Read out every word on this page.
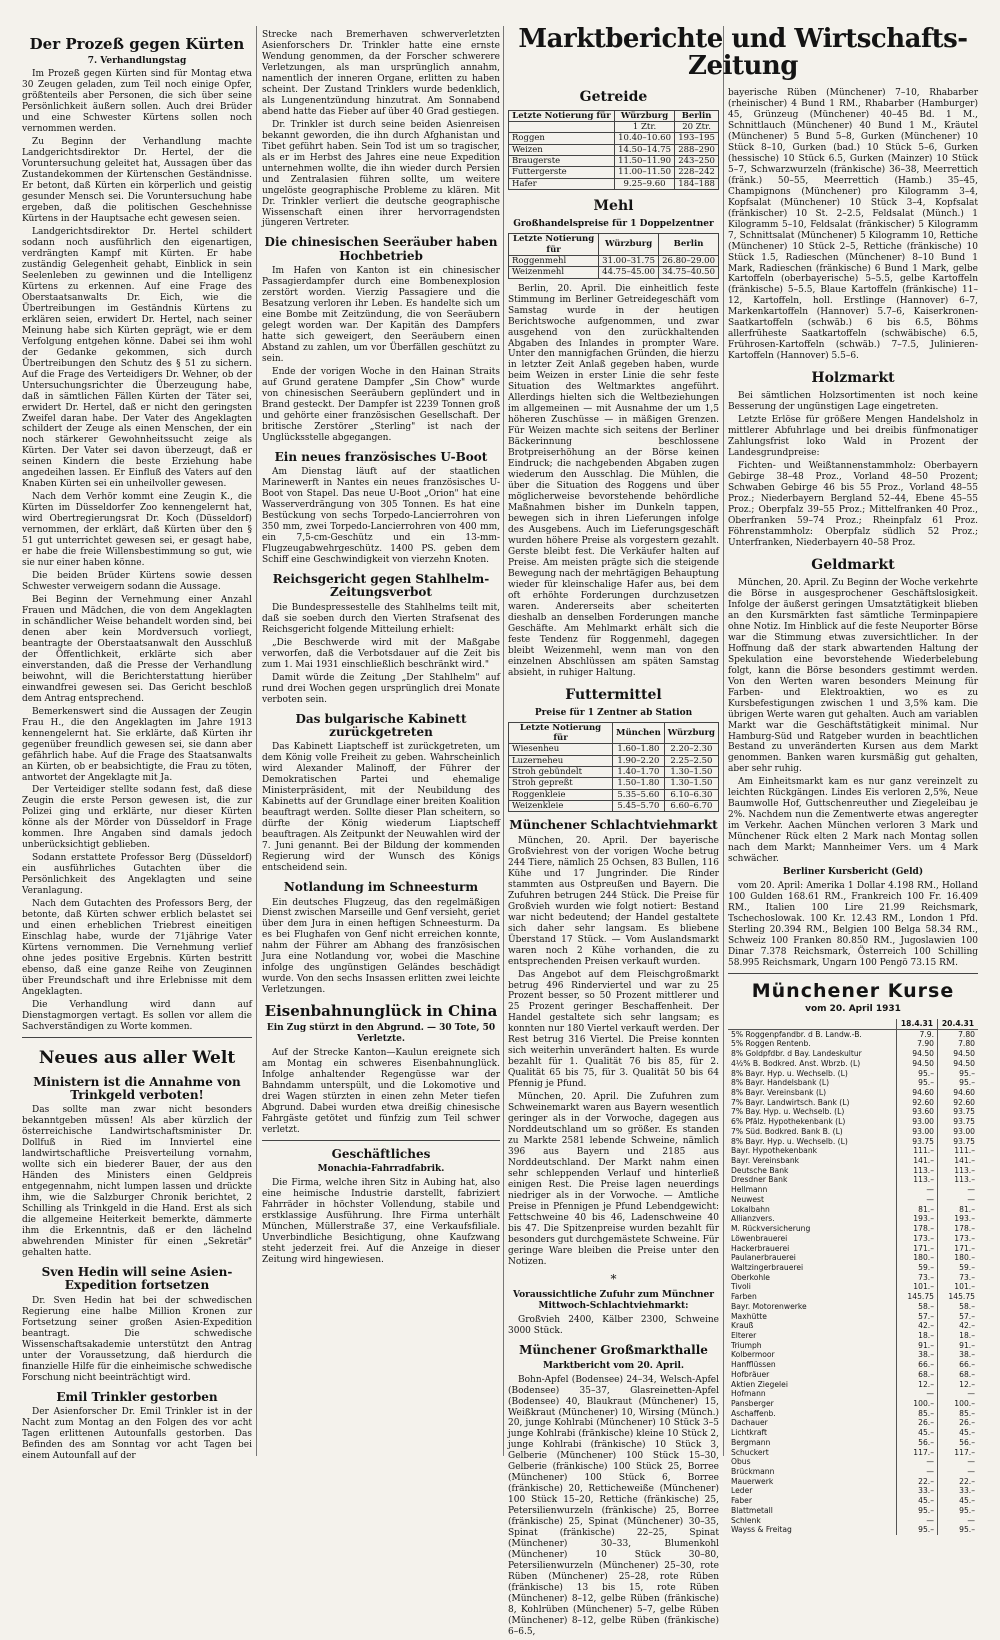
Der Prozeß gegen Kürten
7. Verhandlungstag

Im Prozeß gegen Kürten sind für Montag etwa 30 Zeugen geladen, zum Teil noch einige Opfer, größtenteils aber Personen, die sich über seine Persönlichkeit äußern sollen. Auch drei Brüder und eine Schwester Kürtens sollen noch vernommen werden.

Zu Beginn der Verhandlung machte Landgerichtsdirektor Dr. Hertel, der die Voruntersuchung geleitet hat, Aussagen über das Zustandekommen der Kürtenschen Geständnisse. Er betont, daß Kürten ein körperlich und geistig gesunder Mensch sei. Die Voruntersuchung habe ergeben, daß die politischen Geschehnisse Kürtens in der Hauptsache echt gewesen seien.

Landgerichtsdirektor Dr. Hertel schildert sodann noch ausführlich den eigenartigen, verdrängten Kampf mit Kürten. Er habe zuständig Gelegenheit gehabt, Einblick in sein Seelenleben zu gewinnen und die Intelligenz Kürtens zu erkennen. Auf eine Frage des Oberstaatsanwalts Dr. Eich, wie die Übertreibungen im Geständnis Kürtens zu erklären seien, erwidert Dr. Hertel, nach seiner Meinung habe sich Kürten geprägt, wie er dem Verfolgung entgehen könne. Dabei sei ihm wohl der Gedanke gekommen, sich durch Übertreibungen den Schutz des § 51 zu sichern. Auf die Frage des Verteidigers Dr. Wehner, ob der Untersuchungsrichter die Überzeugung habe, daß in sämtlichen Fällen Kürten der Täter sei, erwidert Dr. Hertel, daß er nicht den geringsten Zweifel daran habe. Der Vater des Angeklagten schildert der Zeuge als einen Menschen, der ein noch stärkerer Gewohnheitssucht zeige als Kürten. Der Vater sei davon überzeugt, daß er seinen Kindern die beste Erziehung habe angedeihen lassen. Er Einfluß des Vaters auf den Knaben Kürten sei ein unheilvoller gewesen.

Nach dem Verhör kommt eine Zeugin K., die Kürten im Düsseldorfer Zoo kennengelernt hat, wird Obertregierungsrat Dr. Koch (Düsseldorf) vernommen, der erklärt, daß Kürten über den § 51 gut unterrichtet gewesen sei, er gesagt habe, er habe die freie Willensbestimmung so gut, wie sie nur einer haben könne.

Die beiden Brüder Kürtens sowie dessen Schwester verweigern sodann die Aussage.

Bei Beginn der Vernehmung einer Anzahl Frauen und Mädchen, die von dem Angeklagten in schändlicher Weise behandelt worden sind, bei denen aber kein Mordversuch vorliegt, beantragte der Oberstaatsanwalt den Ausschluß der Öffentlichkeit, erklärte sich aber einverstanden, daß die Presse der Verhandlung beiwohnt, will die Berichterstattung hierüber einwandfrei gewesen sei. Das Gericht beschloß dem Antrag entsprechend.

Bemerkenswert sind die Aussagen der Zeugin Frau H., die den Angeklagten im Jahre 1913 kennengelernt hat. Sie erklärte, daß Kürten ihr gegenüber freundlich gewesen sei, sie dann aber gefährlich habe. Auf die Frage des Staatsanwalts an Kürten, ob er beabsichtigte, die Frau zu töten, antwortet der Angeklagte mit Ja.

Der Verteidiger stellte sodann fest, daß diese Zeugin die erste Person gewesen ist, die zur Polizei ging und erklärte, nur dieser Kürten könne als der Mörder von Düsseldorf in Frage kommen. Ihre Angaben sind damals jedoch unberücksichtigt geblieben.

Sodann erstattete Professor Berg (Düsseldorf) ein ausführliches Gutachten über die Persönlichkeit des Angeklagten und seine Veranlagung.

Nach dem Gutachten des Professors Berg, der betonte, daß Kürten schwer erblich belastet sei und einen erheblichen Triebrest eineitigen Einschlag habe, wurde der 71jährige Vater Kürtens vernommen. Die Vernehmung verlief ohne jedes positive Ergebnis. Kürten bestritt ebenso, daß eine ganze Reihe von Zeuginnen über Freundschaft und ihre Erlebnisse mit dem Angeklagten.

Die Verhandlung wird dann auf Dienstagmorgen vertagt. Es sollen vor allem die Sachverständigen zu Worte kommen.

Neues aus aller Welt
Ministern ist die Annahme von Trinkgeld verboten!

Das sollte man zwar nicht besonders bekanntgeben müssen! Als aber kürzlich der österreichische Landwirtschaftsminister Dr. Dollfuß in Ried im Innviertel eine landwirtschaftliche Preisverteilung vornahm, wollte sich ein biederer Bauer, der aus den Händen des Ministers einen Geldpreis entgegennahm, nicht lumpen lassen und drückte ihm, wie die Salzburger Chronik berichtet, 2 Schilling als Trinkgeld in die Hand. Erst als sich die allgemeine Heiterkeit bemerkte, dämmerte ihm die Erkenntnis, daß er den lächelnd abwehrenden Minister für einen „Sekretär" gehalten hatte.

Sven Hedin will seine Asien-Expedition fortsetzen

Dr. Sven Hedin hat bei der schwedischen Regierung eine halbe Million Kronen zur Fortsetzung seiner großen Asien-Expedition beantragt. Die schwedische Wissenschaftsakademie unterstützt den Antrag unter der Voraussetzung, daß hierdurch die finanzielle Hilfe für die einheimische schwedische Forschung nicht beeinträchtigt wird.

Emil Trinkler gestorben

Der Asienforscher Dr. Emil Trinkler ist in der Nacht zum Montag an den Folgen des vor acht Tagen erlittenen Autounfalls gestorben. Das Befinden des am Sonntag vor acht Tagen bei einem Autounfall auf der

Strecke nach Bremerhaven schwerverletzten Asienforschers Dr. Trinkler hatte eine ernste Wendung genommen, da der Forscher schwerere Verletzungen, als man ursprünglich annahm, namentlich der inneren Organe, erlitten zu haben scheint. Der Zustand Trinklers wurde bedenklich, als Lungenentzündung hinzutrat. Am Sonnabend abend hatte das Fieber auf über 40 Grad gestiegen.

Dr. Trinkler ist durch seine beiden Asienreisen bekannt geworden, die ihn durch Afghanistan und Tibet geführt haben. Sein Tod ist um so tragischer, als er im Herbst des Jahres eine neue Expedition unternehmen wollte, die ihn wieder durch Persien und Zentralasien führen sollte, um weitere ungelöste geographische Probleme zu klären. Mit Dr. Trinkler verliert die deutsche geographische Wissenschaft einen ihrer hervorragendsten jüngeren Vertreter.

Die chinesischen Seeräuber haben Hochbetrieb

Im Hafen von Kanton ist ein chinesischer Passagierdampfer durch eine Bombenexplosion zerstört worden. Vierzig Passagiere und die Besatzung verloren ihr Leben. Es handelte sich um eine Bombe mit Zeitzündung, die von Seeräubern gelegt worden war. Der Kapitän des Dampfers hatte sich geweigert, den Seeräubern einen Abstand zu zahlen, um vor Überfällen geschützt zu sein.

Ende der vorigen Woche in den Hainan Straits auf Grund geratene Dampfer „Sin Chow" wurde von chinesischen Seeräubern geplündert und in Brand gesteckt. Der Dampfer ist 2239 Tonnen groß und gehörte einer französischen Gesellschaft. Der britische Zerstörer „Sterling" ist nach der Unglücksstelle abgegangen.

Ein neues französisches U-Boot

Am Dienstag läuft auf der staatlichen Marinewerft in Nantes ein neues französisches U-Boot von Stapel. Das neue U-Boot „Orion" hat eine Wasserverdrängung von 305 Tonnen. Es hat eine Bestückung von sechs Torpedo-Lancierrohren von 350 mm, zwei Torpedo-Lancierrohren von 400 mm, ein 7,5-cm-Geschütz und ein 13-mm-Flugzeugabwehrgeschütz. 1400 PS. geben dem Schiff eine Geschwindigkeit von vierzehn Knoten.

Reichsgericht gegen Stahlhelm-Zeitungsverbot

Die Bundespressestelle des Stahlhelms teilt mit, daß sie soeben durch den Vierten Strafsenat des Reichsgericht folgende Mitteilung erhielt:

„Die Beschwerde wird mit der Maßgabe verworfen, daß die Verbotsdauer auf die Zeit bis zum 1. Mai 1931 einschließlich beschränkt wird."

Damit würde die Zeitung „Der Stahlhelm" auf rund drei Wochen gegen ursprünglich drei Monate verboten sein.

Das bulgarische Kabinett zurückgetreten

Das Kabinett Liaptscheff ist zurückgetreten, um dem König volle Freiheit zu geben. Wahrscheinlich wird Alexander Malinoff, der Führer der Demokratischen Partei und ehemalige Ministerpräsident, mit der Neubildung des Kabinetts auf der Grundlage einer breiten Koalition beauftragt werden. Sollte dieser Plan scheitern, so dürfte der König wiederum Liaptscheff beauftragen. Als Zeitpunkt der Neuwahlen wird der 7. Juni genannt. Bei der Bildung der kommenden Regierung wird der Wunsch des Königs entscheidend sein.

Notlandung im Schneesturm

Ein deutsches Flugzeug, das den regelmäßigen Dienst zwischen Marseille und Genf versieht, geriet über dem Jura in einen heftigen Schneesturm. Da es bei Flughafen von Genf nicht erreichen konnte, nahm der Führer am Abhang des französischen Jura eine Notlandung vor, wobei die Maschine infolge des ungünstigen Geländes beschädigt wurde. Von den sechs Insassen erlitten zwei leichte Verletzungen.

Eisenbahnunglück in China
Ein Zug stürzt in den Abgrund. — 30 Tote, 50 Verletzte.

Auf der Strecke Kanton—Kaulun ereignete sich am Montag ein schweres Eisenbahnunglück. Infolge anhaltender Regengüsse war der Bahndamm unterspült, und die Lokomotive und drei Wagen stürzten in einen zehn Meter tiefen Abgrund. Dabei wurden etwa dreißig chinesische Fahrgäste getötet und fünfzig zum Teil schwer verletzt.

Geschäftliches
Monachia-Fahrradfabrik.

Die Firma, welche ihren Sitz in Aubing hat, also eine heimische Industrie darstellt, fabriziert Fahrräder in höchster Vollendung, stabile und erstklassige Ausführung. Ihre Firma unterhält München, Müllerstraße 37, eine Verkaufsfiliale. Unverbindliche Besichtigung, ohne Kaufzwang steht jederzeit frei. Auf die Anzeige in dieser Zeitung wird hingewiesen.

Marktberichte und Wirtschafts-Zeitung
Getreide
Letzte Notierung für	Würzburg	Berlin
	1 Ztr.	20 Ztr.
Roggen	10.40–10.60	193–195
Weizen	14.50–14.75	288–290
Braugerste	11.50–11.90	243–250
Futtergerste	11.00–11.50	228–242
Hafer	9.25–9.60	184–188
Mehl
Großhandelspreise für 1 Doppelzentner
Letzte Notierung für	Würzburg	Berlin
Roggenmehl	31.00–31.75	26.80–29.00
Weizenmehl	44.75–45.00	34.75–40.50

Berlin, 20. April. Die einheitlich feste Stimmung im Berliner Getreidegeschäft vom Samstag wurde in der heutigen Berichtswoche aufgenommen, und zwar ausgehend von den zurückhaltenden Abgaben des Inlandes in prompter Ware. Unter den mannigfachen Gründen, die hierzu in letzter Zeit Anlaß gegeben haben, wurde beim Weizen in erster Linie die sehr feste Situation des Weltmarktes angeführt. Allerdings hielten sich die Weltbeziehungen im allgemeinen — mit Ausnahme der um 1,5 höheren Zuschüsse — in mäßigen Grenzen. Für Weizen machte sich seitens der Berliner Bäckerinnung beschlossene Brotpreiserhöhung an der Börse keinen Eindruck; die nachgebenden Abgaben zugen wiederum den Ausschlag. Die Mühlen, die über die Situation des Roggens und über möglicherweise bevorstehende behördliche Maßnahmen bisher im Dunkeln tappen, bewegen sich in ihren Lieferungen infolge des Ausgebens. Auch im Lieferungsgeschäft wurden höhere Preise als vorgestern gezahlt. Gerste bleibt fest. Die Verkäufer halten auf Preise. Am meisten prägte sich die steigende Bewegung nach der mehrtägigen Behauptung wieder für kleinschalige Hafer aus, bei dem oft erhöhte Forderungen durchzusetzen waren. Andererseits aber scheiterten dieshalb an denselben Forderungen manche Geschäfte. Am Mehlmarkt erhält sich die feste Tendenz für Roggenmehl, dagegen bleibt Weizenmehl, wenn man von den einzelnen Abschlüssen am späten Samstag absieht, in ruhiger Haltung.

Futtermittel
Preise für 1 Zentner ab Station
Letzte Notierung für	München	Würzburg
Wiesenheu	1.60–1.80	2.20–2.30
Luzerneheu	1.90–2.20	2.25–2.50
Stroh gebündelt	1.40–1.70	1.30–1.50
Stroh gepreßt	1.50–1.80	1.30–1.50
Roggenkleie	5.35–5.60	6.10–6.30
Weizenkleie	5.45–5.70	6.60–6.70
Münchener Schlachtviehmarkt

München, 20. April. Der bayerische Großviehrest von der vorigen Woche betrug 244 Tiere, nämlich 25 Ochsen, 83 Bullen, 116 Kühe und 17 Jungrinder. Die Rinder stammten aus Ostpreußen und Bayern. Die Zufuhren betrugen 244 Stück. Die Preise für Großvieh wurden wie folgt notiert: Bestand war nicht bedeutend; der Handel gestaltete sich daher sehr langsam. Es bliebene Überstand 17 Stück. — Vom Auslandsmarkt waren noch 2 Kühe vorhanden, die zu entsprechenden Preisen verkauft wurden.

Das Angebot auf dem Fleischgroßmarkt betrug 496 Rinderviertel und war zu 25 Prozent besser, so 50 Prozent mittlerer und 25 Prozent geringer Beschaffenheit. Der Handel gestaltete sich sehr langsam; es konnten nur 180 Viertel verkauft werden. Der Rest betrug 316 Viertel. Die Preise konnten sich weiterhin unverändert halten. Es wurde bezahlt für 1. Qualität 76 bis 85, für 2. Qualität 65 bis 75, für 3. Qualität 50 bis 64 Pfennig je Pfund.

München, 20. April. Die Zufuhren zum Schweinemarkt waren aus Bayern wesentlich geringer als in der Vorwoche, dagegen aus Norddeutschland um so größer. Es standen zu Markte 2581 lebende Schweine, nämlich 396 aus Bayern und 2185 aus Norddeutschland. Der Markt nahm einen sehr schleppenden Verlauf und hinterließ einigen Rest. Die Preise lagen neuerdings niedriger als in der Vorwoche. — Amtliche Preise in Pfennigen je Pfund Lebendgewicht: Fettschweine 40 bis 46, Ladenschweine 40 bis 47. Die Spitzenpreise wurden bezahlt für besonders gut durchgemästete Schweine. Für geringe Ware bleiben die Preise unter den Notizen.

*
Voraussichtliche Zufuhr zum Münchner Mittwoch-Schlachtviehmarkt:

Großvieh 2400, Kälber 2300, Schweine 3000 Stück.

Münchener Großmarkthalle
Marktbericht vom 20. April.

Bohn-Apfel (Bodensee) 24–34, Welsch-Apfel (Bodensee) 35–37, Glasreinetten-Apfel (Bodensee) 40, Blaukraut (Münchener) 15, Weißkraut (Münchener) 10, Wirsing (Münch.) 20, junge Kohlrabi (Münchener) 10 Stück 3–5 junge Kohlrabi (fränkische) kleine 10 Stück 2, junge Kohlrabi (fränkische) 10 Stück 3, Gelberie (Münchener) 100 Stück 15–30, Gelberie (fränkische) 100 Stück 25, Borree (Münchener) 100 Stück 6, Borree (fränkische) 20, Retticheweiße (Münchener) 100 Stück 15–20, Rettiche (fränkische) 25, Petersilienwurzeln (fränkische) 25, Borree (fränkische) 25, Spinat (Münchener) 30–35, Spinat (fränkische) 22–25, Spinat (Münchener) 30–33, Blumenkohl (Münchener) 10 Stück 30–80, Petersilienwurzeln (Münchener) 25–30, rote Rüben (Münchener) 25–28, rote Rüben (fränkische) 13 bis 15, rote Rüben (Münchener) 8–12, gelbe Rüben (fränkische) 8, Kohlrüben (Münchener) 5–7, gelbe Rüben (Münchener) 8–12, gelbe Rüben (fränkische) 6–6.5,

bayerische Rüben (Münchener) 7–10, Rhabarber (rheinischer) 4 Bund 1 RM., Rhabarber (Hamburger) 45, Grünzeug (Münchener) 40–45 Bd. 1 M., Schnittlauch (Münchener) 40 Bund 1 M., Kräutel (Münchener) 5 Bund 5–8, Gurken (Münchener) 10 Stück 8–10, Gurken (bad.) 10 Stück 5–6, Gurken (hessische) 10 Stück 6.5, Gurken (Mainzer) 10 Stück 5–7, Schwarzwurzeln (fränkische) 36–38, Meerrettich (fränk.) 50–55, Meerrettich (Hamb.) 35–45, Champignons (Münchener) pro Kilogramm 3–4, Kopfsalat (Münchener) 10 Stück 3–4, Kopfsalat (fränkischer) 10 St. 2–2.5, Feldsalat (Münch.) 1 Kilogramm 5–10, Feldsalat (fränkischer) 5 Kilogramm 7, Schnittsalat (Münchener) 5 Kilogramm 10, Rettiche (Münchener) 10 Stück 2–5, Rettiche (fränkische) 10 Stück 1.5, Radieschen (Münchener) 8–10 Bund 1 Mark, Radieschen (fränkische) 6 Bund 1 Mark, gelbe Kartoffeln (oberbayerische) 5–5.5, gelbe Kartoffeln (fränkische) 5–5.5, Blaue Kartoffeln (fränkische) 11–12, Kartoffeln, holl. Erstlinge (Hannover) 6–7, Markenkartoffeln (Hannover) 5.7–6, Kaiserkronen-Saatkartoffeln (schwäb.) 6 bis 6.5, Böhms allerfrüheste Saatkartoffeln (schwäbische) 6.5, Frührosen-Kartoffeln (schwäb.) 7–7.5, Julinieren-Kartoffeln (Hannover) 5.5–6.

Holzmarkt

Bei sämtlichen Holzsortimenten ist noch keine Besserung der ungünstigen Lage eingetreten.

Letzte Erlöse für größere Mengen Handelsholz in mittlerer Abfuhrlage und bei dreibis fünfmonatiger Zahlungsfrist loko Wald in Prozent der Landesgrundpreise:

Fichten- und Weißtannenstammholz: Oberbayern Gebirge 38–48 Proz., Vorland 48–50 Prozent; Schwaben Gebirge 46 bis 55 Proz., Vorland 48–55 Proz.; Niederbayern Bergland 52–44, Ebene 45–55 Proz.; Oberpfalz 39–55 Proz.; Mittelfranken 40 Proz., Oberfranken 59–74 Proz.; Rheinpfalz 61 Proz. Föhrenstammholz: Oberpfalz südlich 52 Proz.; Unterfranken, Niederbayern 40–58 Proz.

Geldmarkt

München, 20. April. Zu Beginn der Woche verkehrte die Börse in ausgesprochener Geschäftslosigkeit. Infolge der äußerst geringen Umsatztätigkeit blieben an den Kursmärkten fast sämtliche Terminpapiere ohne Notiz. Im Hinblick auf die feste Neuporter Börse war die Stimmung etwas zuversichtlicher. In der Hoffnung daß der stark abwartenden Haltung der Spekulation eine bevorstehende Wiederbelebung folgt, kann die Börse besonders gestimmt werden. Von den Werten waren besonders Meinung für Farben- und Elektroaktien, wo es zu Kursbefestigungen zwischen 1 und 3,5% kam. Die übrigen Werte waren gut gehalten. Auch am variablen Markt war die Geschäftstätigkeit minimal. Nur Hamburg-Süd und Ratgeber wurden in beachtlichen Bestand zu unveränderten Kursen aus dem Markt genommen. Banken waren kursmäßig gut gehalten, aber sehr ruhig.

Am Einheitsmarkt kam es nur ganz vereinzelt zu leichten Rückgängen. Lindes Eis verloren 2,5%, Neue Baumwolle Hof, Guttschenreuther und Ziegeleibau je 2%. Nachdem nun die Zementwerte etwas angeregter im Verkehr. Aachen München verloren 3 Mark und Münchener Rück elten 2 Mark nach Montag sollen nach dem Markt; Mannheimer Vers. um 4 Mark schwächer.

Berliner Kursbericht (Geld)

vom 20. April: Amerika 1 Dollar 4.198 RM., Holland 100 Gulden 168.61 RM., Frankreich 100 Fr. 16.409 RM., Italien 100 Lire 21.99 Reichsmark, Tschechoslowak. 100 Kr. 12.43 RM., London 1 Pfd. Sterling 20.394 RM., Belgien 100 Belga 58.34 RM., Schweiz 100 Franken 80.850 RM., Jugoslawien 100 Dinar 7.378 Reichsmark, Österreich 100 Schilling 58.995 Reichsmark, Ungarn 100 Pengö 73.15 RM.

Münchener Kurse
vom 20. April 1931
	18.4.31	20.4.31
5% Roggenpfandbr. d B. Landw.-B.	7.9.	7.80
5% Roggen Rentenb.	7.90	7.80
8% Goldpfdbr. d Bay. Landeskultur	94.50	94.50
4½% B. Bodkred. Anst. Wbrzb. (L)	94.50	94.50
8% Bayr. Hyp. u. Wechselb. (L)	95.–	95.–
8% Bayr. Handelsbank (L)	95.–	95.–
8% Bayr. Vereinsbank (L)	94.60	94.60
7% Bayr. Landwirtsch. Bank (L)	92.60	92.60
7% Bay. Hyp. u. Wechselb. (L)	93.60	93.75
6% Pfälz. Hypothekenbank (L)	93.00	93.75
7% Süd. Bodkred. Bank B. (L)	93.00	93.00
8% Bayr. Hyp. u. Wechselb. (L)	93.75	93.75
Bayr. Hypothekenbank	111.–	111.–
Bayr. Vereinsbank	141.–	141.–
Deutsche Bank	113.–	113.–
Dresdner Bank	113.–	113.–
Hellmann	—	—
Neuwest	—	—
Lokalbahn	81.–	81.–
Allianzvers.	193.–	193.–
M. Rückversicherung	178.–	178.–
Löwenbrauerei	173.–	173.–
Hackerbrauerei	171.–	171.–
Paulanerbrauerei	180.–	180.–
Waltzingerbrauerei	59.–	59.–
Oberkohle	73.–	73.–
Tivoli	101.–	101.–
Farben	145.75	145.75
Bayr. Motorenwerke	58.–	58.–
Maxhütte	57.–	57.–
Krauß	42.–	42.–
Elterer	18.–	18.–
Triumph	91.–	91.–
Kolbermoor	38.–	38.–
Hanfflüssen	66.–	66.–
Hofbräuer	68.–	68.–
Aktien Ziegelei	12.–	12.–
Hofmann	—	—
Pansberger	100.–	100.–
Aschaffenb.	85.–	85.–
Dachauer	26.–	26.–
Lichtkraft	45.–	45.–
Bergmann	56.–	56.–
Schuckert	117.–	117.–
Obus	—	—
Brückmann	—	—
Mauerwerk	22.–	22.–
Leder	33.–	33.–
Faber	45.–	45.–
Blattmetall	95.–	95.–
Schlenk	—	—
Wayss & Freitag	95.–	95.–
